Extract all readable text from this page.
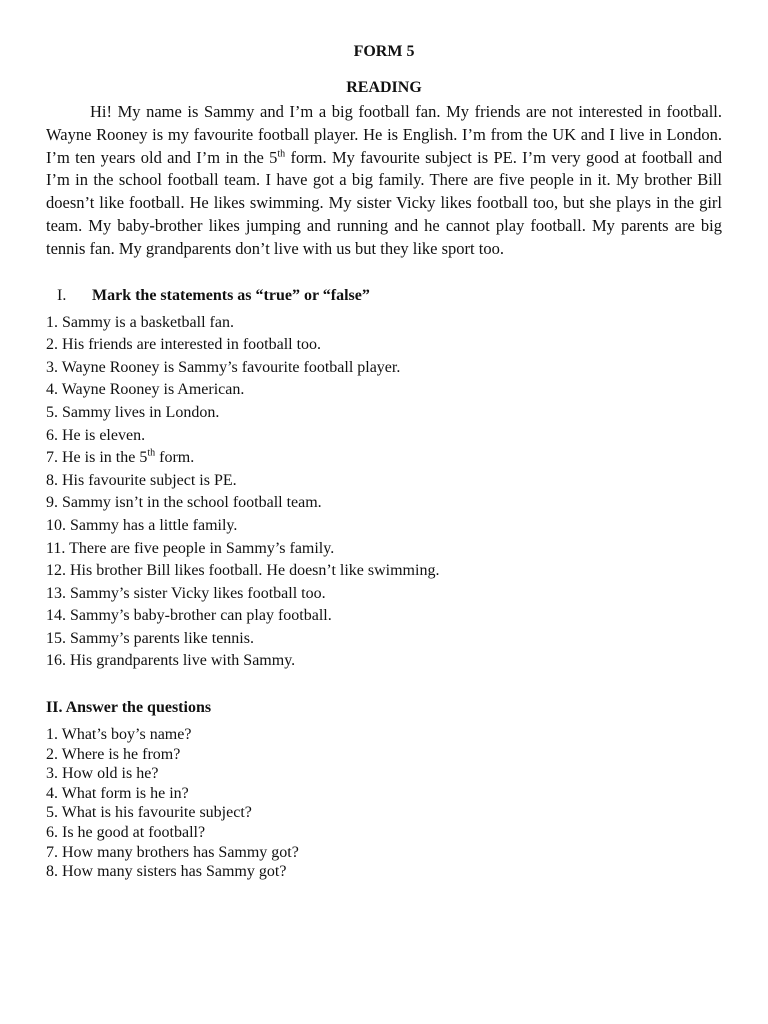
FORM 5

READING

Hi! My name is Sammy and I’m a big football fan. My friends are not interested in football. Wayne Rooney is my favourite football player. He is English. I’m from the UK and I live in London. I’m ten years old and I’m in the 5th form. My favourite subject is PE. I’m very good at football and I’m in the school football team. I have got a big family. There are five people in it. My brother Bill doesn’t like football. He likes swimming. My sister Vicky likes football too, but she plays in the girl team. My baby-brother likes jumping and running and he cannot play football. My parents are big tennis fan. My grandparents don’t live with us but they like sport too.

I.	Mark the statements as “true” or “false”
1. Sammy is a basketball fan.
2. His friends are interested in football too.
3. Wayne Rooney is Sammy’s favourite football player.
4. Wayne Rooney is American.
5. Sammy lives in London.
6. He is eleven.
7. He is in the 5th form.
8. His favourite subject is PE.
9. Sammy isn’t in the school football team.
10. Sammy has a little family.
11. There are five people in Sammy’s family.
12. His brother Bill likes football. He doesn’t like swimming.
13. Sammy’s sister Vicky likes football too.
14. Sammy’s baby-brother can play football.
15. Sammy’s parents like tennis.
16. His grandparents live with Sammy.
II. Answer the questions
1. What’s boy’s name?
2. Where is he from?
3. How old is he?
4. What form is he in?
5. What is his favourite subject?
6. Is he good at football?
7. How many brothers has Sammy got?
8. How many sisters has Sammy got?
